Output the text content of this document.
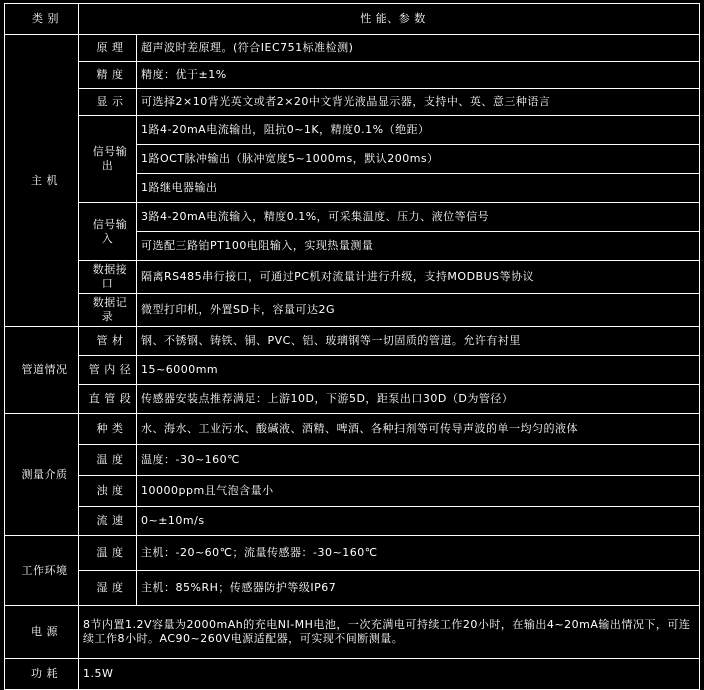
类 别	性 能、参 数	
主 机	原 理	超声波时差原理。(符合IEC751标准检测)
	精 度	精度：优于±1%
	显 示	可选择2×10背光英文或者2×20中文背光液晶显示器，支持中、英、意三种语言
	信号输出	1路4-20mA电流输出，阻抗0~1K，精度0.1%（绝距）
		1路OCT脉冲输出（脉冲宽度5~1000ms，默认200ms）
		1路继电器输出
	信号输入	3路4-20mA电流输入，精度0.1%，可采集温度、压力、液位等信号
		可选配三路铂PT100电阻输入，实现热量测量
	数据接口	隔离RS485串行接口，可通过PC机对流量计进行升级，支持MODBUS等协议
	数据记录	微型打印机，外置SD卡，容量可达2G
管道情况	管 材	钢、不锈钢、铸铁、铜、PVC、铝、玻璃钢等一切固质的管道。允许有衬里
	管 内 径	15~6000mm
	直 管 段	传感器安装点推荐满足：上游10D，下游5D，距泵出口30D（D为管径）
测量介质	种 类	水、海水、工业污水、酸碱液、酒精、啤酒、各种扫剂等可传导声波的单一均匀的液体
	温 度	温度：-30~160℃
	浊 度	10000ppm且气泡含量小
	流 速	0~±10m/s
工作环境	温 度	主机：-20~60℃；流量传感器：-30~160℃
	湿 度	主机：85%RH；传感器防护等级IP67
电 源	8节内置1.2V容量为2000mAh的充电NI-MH电池，一次充满电可持续工作20小时，在输出4~20mA输出情况下，可连续工作8小时。AC90~260V电源适配器，可实现不间断测量。	
功 耗	1.5W	
